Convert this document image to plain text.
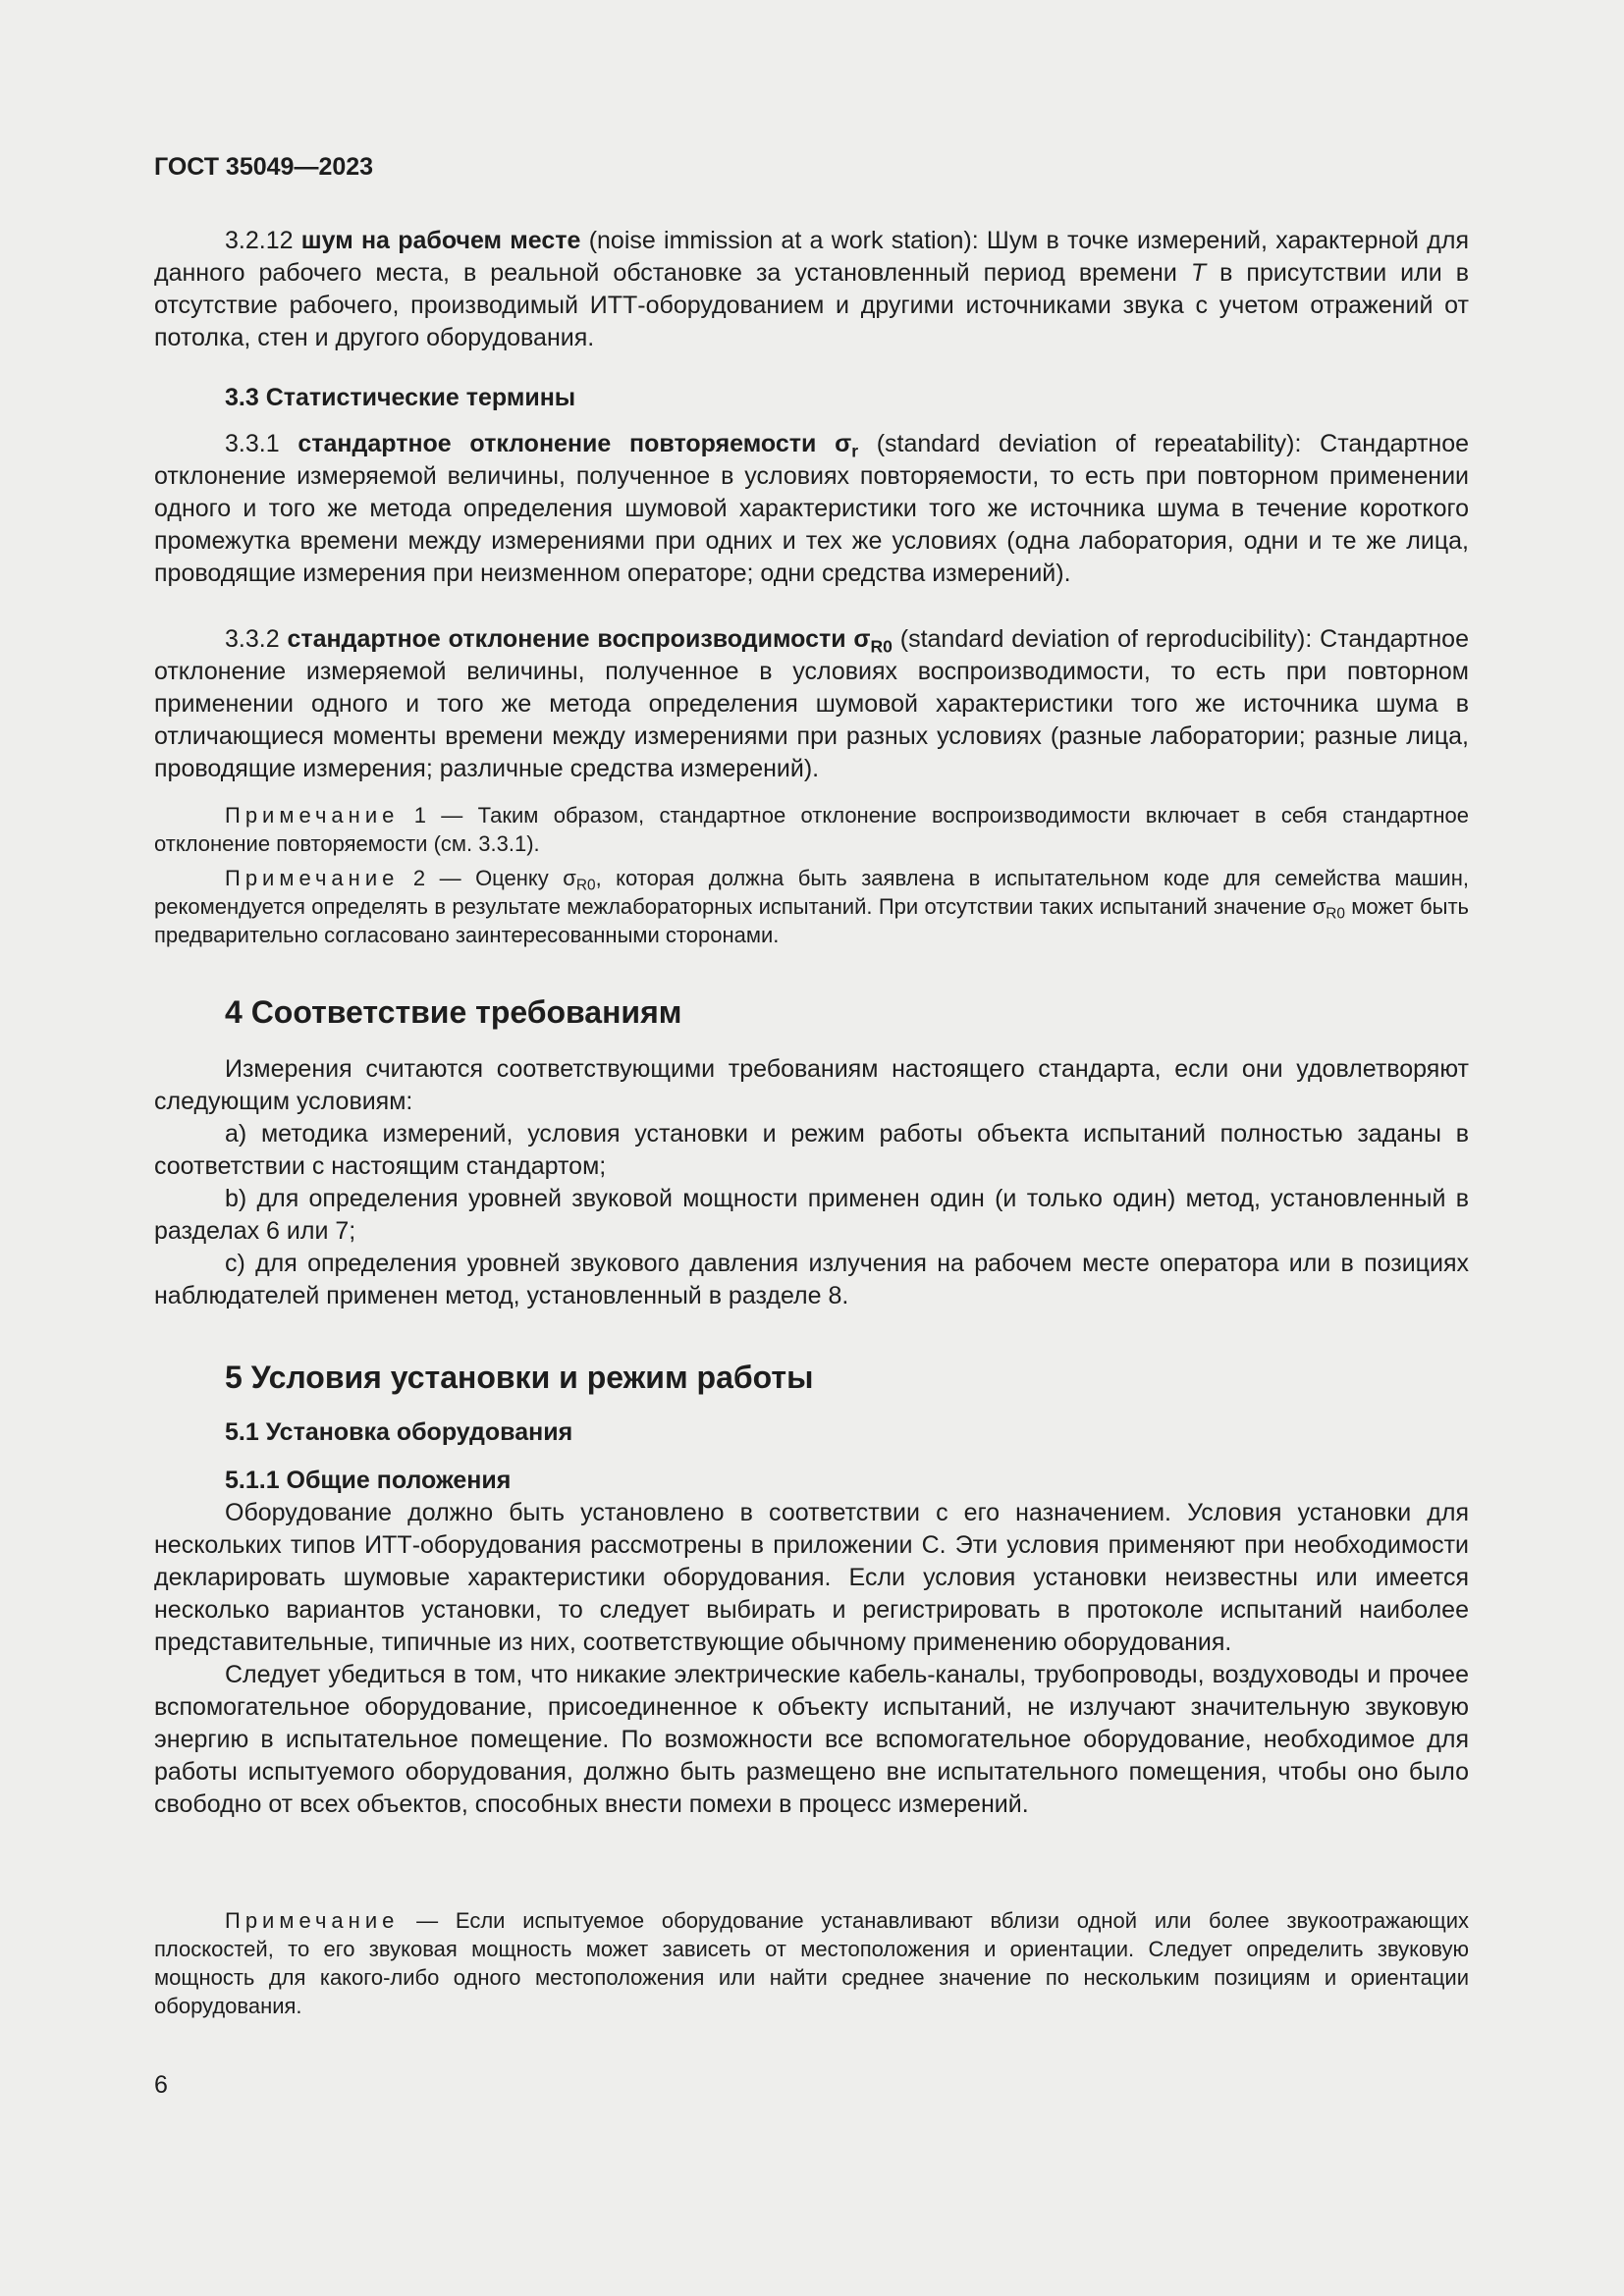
ГОСТ 35049—2023

3.2.12 шум на рабочем месте (noise immission at a work station): Шум в точке измерений, характерной для данного рабочего места, в реальной обстановке за установленный период времени T в присутствии или в отсутствие рабочего, производимый ИТТ-оборудованием и другими источниками звука с учетом отражений от потолка, стен и другого оборудования.

3.3 Статистические термины

3.3.1 стандартное отклонение повторяемости $\sigma_r$ (standard deviation of repeatability): Стандартное отклонение измеряемой величины, полученное в условиях повторяемости, то есть при повторном применении одного и того же метода определения шумовой характеристики того же источника шума в течение короткого промежутка времени между измерениями при одних и тех же условиях (одна лаборатория, одни и те же лица, проводящие измерения при неизменном операторе; одни средства измерений).

3.3.2 стандартное отклонение воспроизводимости $\sigma_{R0}$ (standard deviation of reproducibility): Стандартное отклонение измеряемой величины, полученное в условиях воспроизводимости, то есть при повторном применении одного и того же метода определения шумовой характеристики того же источника шума в отличающиеся моменты времени между измерениями при разных условиях (разные лаборатории; разные лица, проводящие измерения; различные средства измерений).

Примечание 1 — Таким образом, стандартное отклонение воспроизводимости включает в себя стандартное отклонение повторяемости (см. 3.3.1).

Примечание 2 — Оценку $\sigma_{R0}$, которая должна быть заявлена в испытательном коде для семейства машин, рекомендуется определять в результате межлабораторных испытаний. При отсутствии таких испытаний значение $\sigma_{R0}$ может быть предварительно согласовано заинтересованными сторонами.

4 Соответствие требованиям

Измерения считаются соответствующими требованиям настоящего стандарта, если они удовлетворяют следующим условиям:

a) методика измерений, условия установки и режим работы объекта испытаний полностью заданы в соответствии с настоящим стандартом;

b) для определения уровней звуковой мощности применен один (и только один) метод, установленный в разделах 6 или 7;

c) для определения уровней звукового давления излучения на рабочем месте оператора или в позициях наблюдателей применен метод, установленный в разделе 8.

5 Условия установки и режим работы

5.1 Установка оборудования

5.1.1 Общие положения

Оборудование должно быть установлено в соответствии с его назначением. Условия установки для нескольких типов ИТТ-оборудования рассмотрены в приложении С. Эти условия применяют при необходимости декларировать шумовые характеристики оборудования. Если условия установки неизвестны или имеется несколько вариантов установки, то следует выбирать и регистрировать в протоколе испытаний наиболее представительные, типичные из них, соответствующие обычному применению оборудования.

Следует убедиться в том, что никакие электрические кабель-каналы, трубопроводы, воздуховоды и прочее вспомогательное оборудование, присоединенное к объекту испытаний, не излучают значительную звуковую энергию в испытательное помещение. По возможности все вспомогательное оборудование, необходимое для работы испытуемого оборудования, должно быть размещено вне испытательного помещения, чтобы оно было свободно от всех объектов, способных внести помехи в процесс измерений.

Примечание — Если испытуемое оборудование устанавливают вблизи одной или более звукоотражающих плоскостей, то его звуковая мощность может зависеть от местоположения и ориентации. Следует определить звуковую мощность для какого-либо одного местоположения или найти среднее значение по нескольким позициям и ориентации оборудования.

6
